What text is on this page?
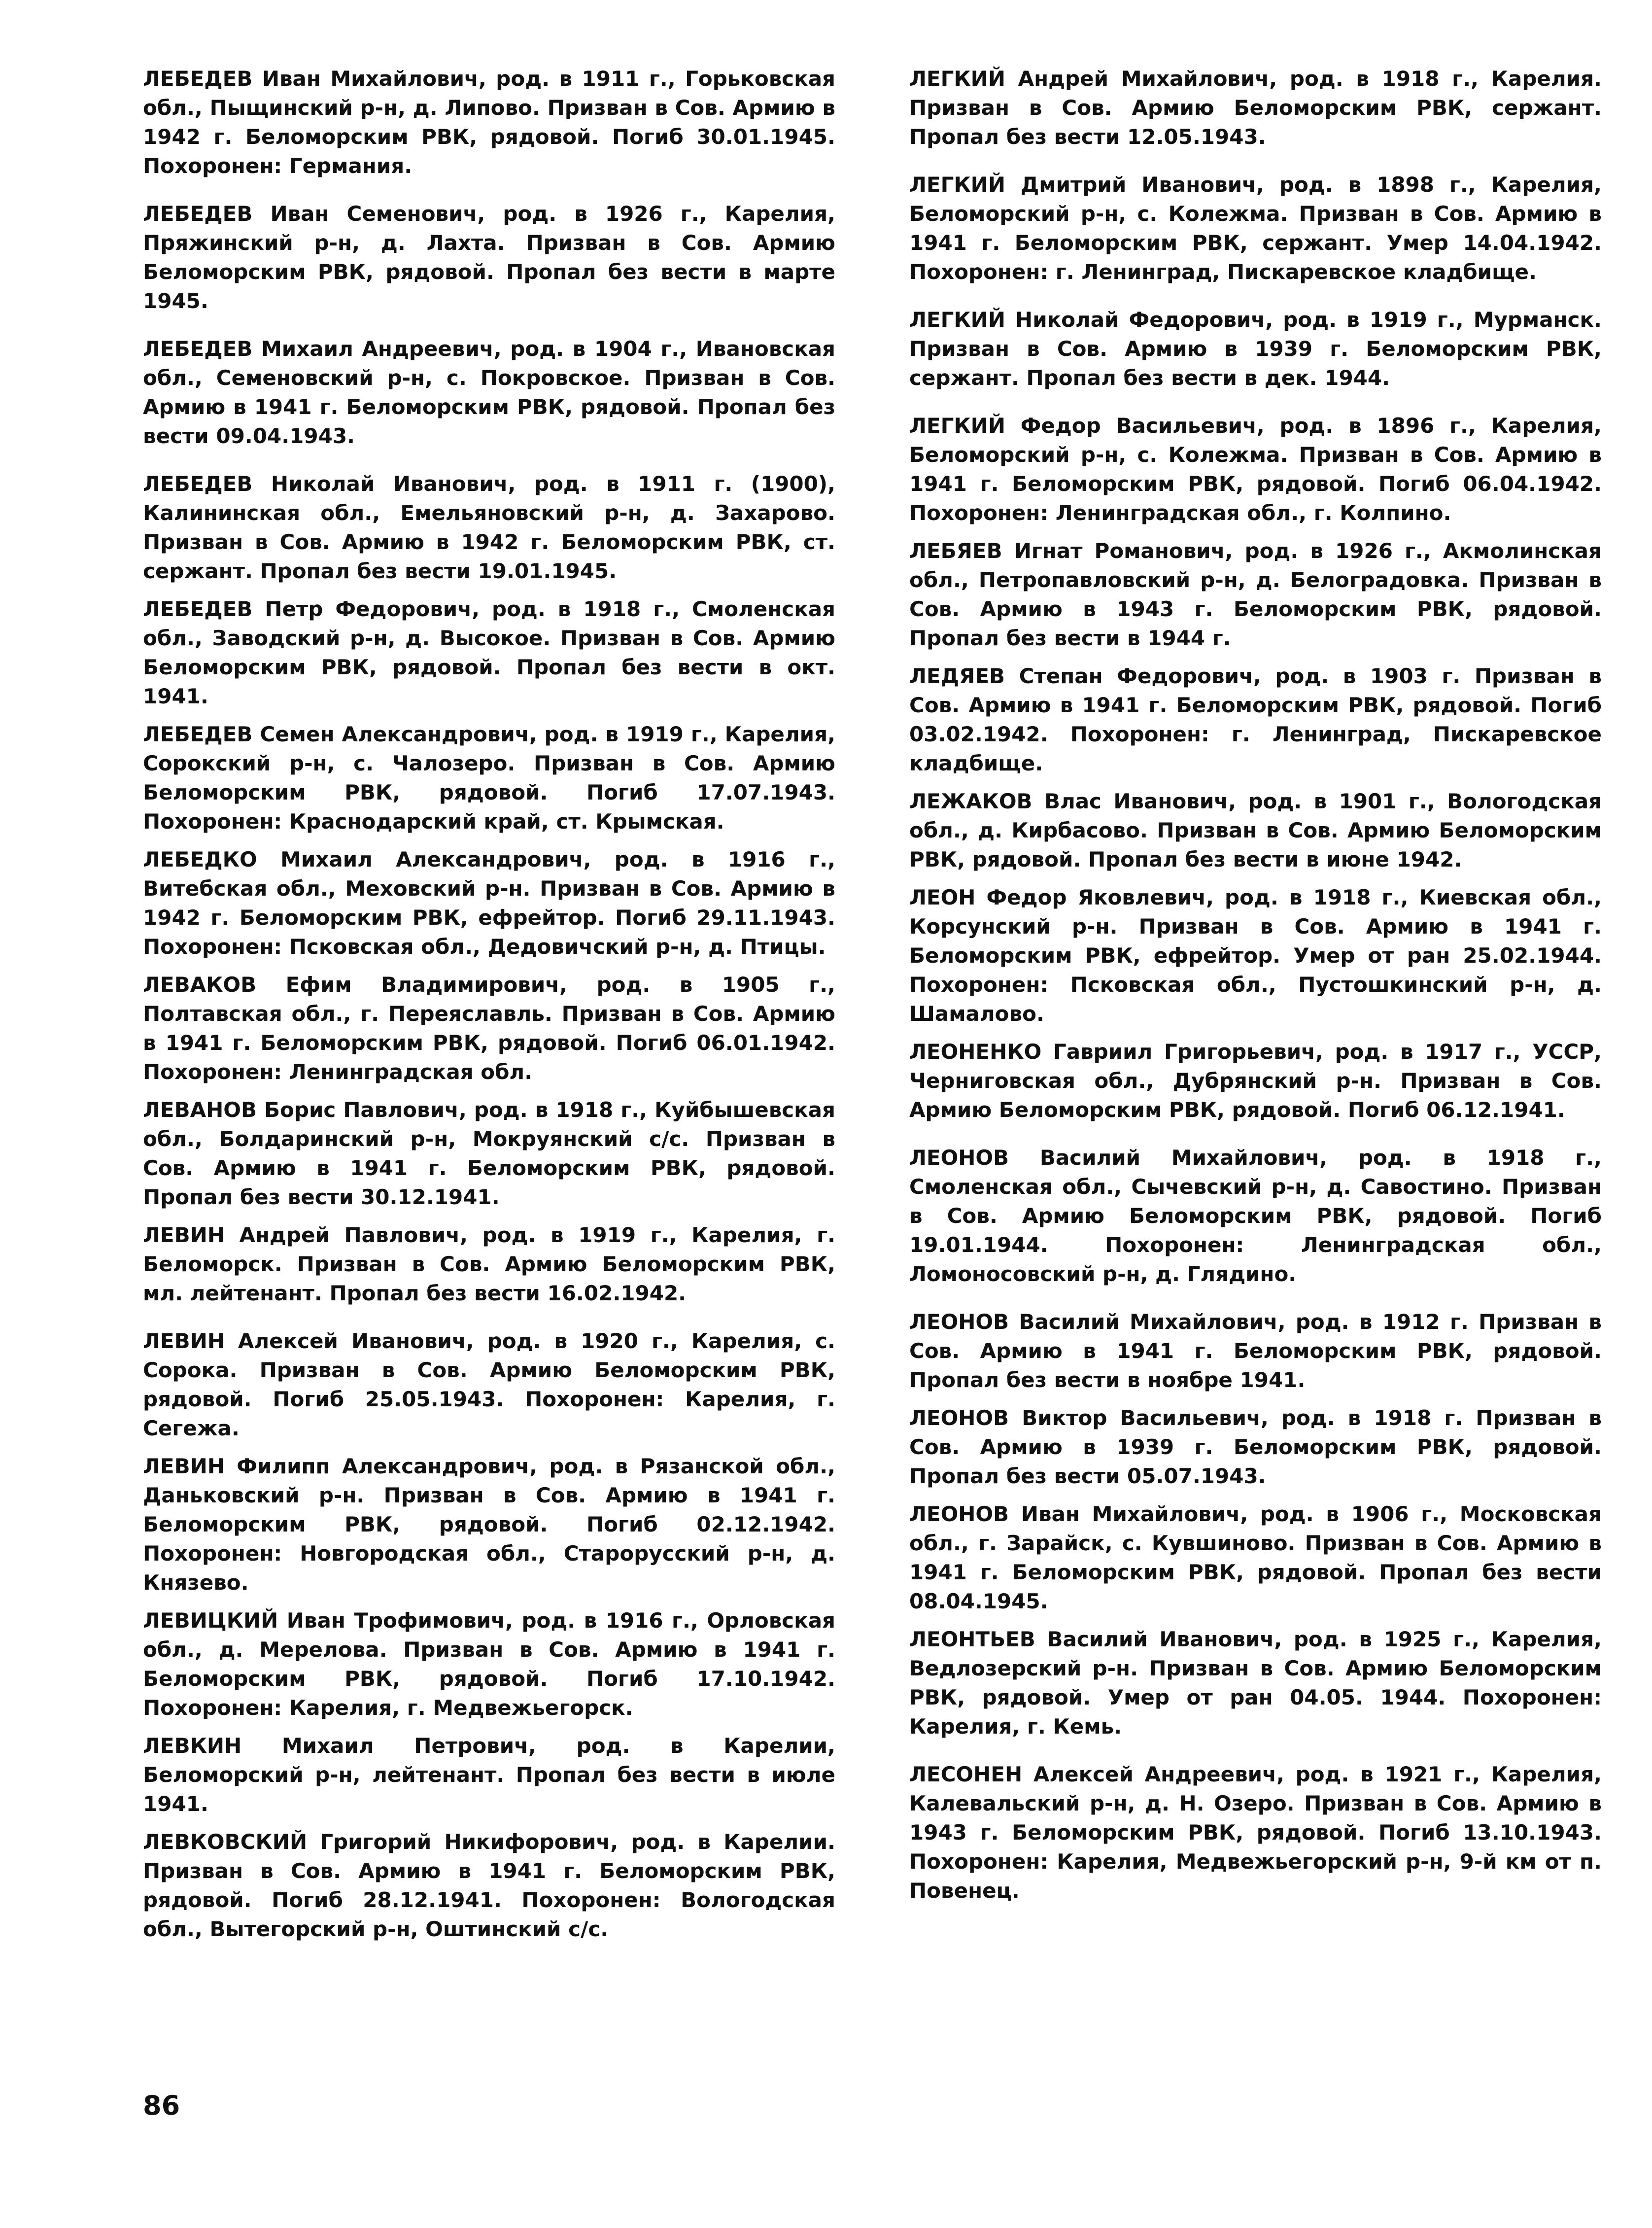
ЛЕБЕДЕВ Иван Михайлович, род. в 1911 г., Горьковская обл., Пыщинский р-н, д. Липово. Призван в Сов. Армию в 1942 г. Беломорским РВК, рядовой. Погиб 30.01.1945. Похоронен: Германия.

ЛЕБЕДЕВ Иван Семенович, род. в 1926 г., Карелия, Пряжинский р-н, д. Лахта. Призван в Сов. Армию Беломорским РВК, рядовой. Пропал без вести в марте 1945.

ЛЕБЕДЕВ Михаил Андреевич, род. в 1904 г., Ивановская обл., Семеновский р-н, с. Покровское. Призван в Сов. Армию в 1941 г. Беломорским РВК, рядовой. Пропал без вести 09.04.1943.

ЛЕБЕДЕВ Николай Иванович, род. в 1911 г. (1900), Калининская обл., Емельяновский р-н, д. Захарово. Призван в Сов. Армию в 1942 г. Беломорским РВК, ст. сержант. Пропал без вести 19.01.1945.

ЛЕБЕДЕВ Петр Федорович, род. в 1918 г., Смоленская обл., Заводский р-н, д. Высокое. Призван в Сов. Армию Беломорским РВК, рядовой. Пропал без вести в окт. 1941.

ЛЕБЕДЕВ Семен Александрович, род. в 1919 г., Карелия, Сорокский р-н, с. Чалозеро. Призван в Сов. Армию Беломорским РВК, рядовой. Погиб 17.07.1943. Похоронен: Краснодарский край, ст. Крымская.

ЛЕБЕДКО Михаил Александрович, род. в 1916 г., Витебская обл., Меховский р-н. Призван в Сов. Армию в 1942 г. Беломорским РВК, ефрейтор. Погиб 29.11.1943. Похоронен: Псковская обл., Дедовичский р-н, д. Птицы.

ЛЕВАКОВ Ефим Владимирович, род. в 1905 г., Полтавская обл., г. Переяславль. Призван в Сов. Армию в 1941 г. Беломорским РВК, рядовой. Погиб 06.01.1942. Похоронен: Ленинградская обл.

ЛЕВАНОВ Борис Павлович, род. в 1918 г., Куйбышевская обл., Болдаринский р-н, Мокруянский с/с. Призван в Сов. Армию в 1941 г. Беломорским РВК, рядовой. Пропал без вести 30.12.1941.

ЛЕВИН Андрей Павлович, род. в 1919 г., Карелия, г. Беломорск. Призван в Сов. Армию Беломорским РВК, мл. лейтенант. Пропал без вести 16.02.1942.

ЛЕВИН Алексей Иванович, род. в 1920 г., Карелия, с. Сорока. Призван в Сов. Армию Беломорским РВК, рядовой. Погиб 25.05.1943. Похоронен: Карелия, г. Сегежа.

ЛЕВИН Филипп Александрович, род. в Рязанской обл., Даньковский р-н. Призван в Сов. Армию в 1941 г. Беломорским РВК, рядовой. Погиб 02.12.1942. Похоронен: Новгородская обл., Старорусский р-н, д. Князево.

ЛЕВИЦКИЙ Иван Трофимович, род. в 1916 г., Орловская обл., д. Мерелова. Призван в Сов. Армию в 1941 г. Беломорским РВК, рядовой. Погиб 17.10.1942. Похоронен: Карелия, г. Медвежьегорск.

ЛЕВКИН Михаил Петрович, род. в Карелии, Беломорский р-н, лейтенант. Пропал без вести в июле 1941.

ЛЕВКОВСКИЙ Григорий Никифорович, род. в Карелии. Призван в Сов. Армию в 1941 г. Беломорским РВК, рядовой. Погиб 28.12.1941. Похоронен: Вологодская обл., Вытегорский р-н, Оштинский с/с.

ЛЕГКИЙ Андрей Михайлович, род. в 1918 г., Карелия. Призван в Сов. Армию Беломорским РВК, сержант. Пропал без вести 12.05.1943.

ЛЕГКИЙ Дмитрий Иванович, род. в 1898 г., Карелия, Беломорский р-н, с. Колежма. Призван в Сов. Армию в 1941 г. Беломорским РВК, сержант. Умер 14.04.1942. Похоронен: г. Ленинград, Пискаревское кладбище.

ЛЕГКИЙ Николай Федорович, род. в 1919 г., Мурманск. Призван в Сов. Армию в 1939 г. Беломорским РВК, сержант. Пропал без вести в дек. 1944.

ЛЕГКИЙ Федор Васильевич, род. в 1896 г., Карелия, Беломорский р-н, с. Колежма. Призван в Сов. Армию в 1941 г. Беломорским РВК, рядовой. Погиб 06.04.1942. Похоронен: Ленинградская обл., г. Колпино.

ЛЕБЯЕВ Игнат Романович, род. в 1926 г., Акмолинская обл., Петропавловский р-н, д. Белоградовка. Призван в Сов. Армию в 1943 г. Беломорским РВК, рядовой. Пропал без вести в 1944 г.

ЛЕДЯЕВ Степан Федорович, род. в 1903 г. Призван в Сов. Армию в 1941 г. Беломорским РВК, рядовой. Погиб 03.02.1942. Похоронен: г. Ленинград, Пискаревское кладбище.

ЛЕЖАКОВ Влас Иванович, род. в 1901 г., Вологодская обл., д. Кирбасово. Призван в Сов. Армию Беломорским РВК, рядовой. Пропал без вести в июне 1942.

ЛЕОН Федор Яковлевич, род. в 1918 г., Киевская обл., Корсунский р-н. Призван в Сов. Армию в 1941 г. Беломорским РВК, ефрейтор. Умер от ран 25.02.1944. Похоронен: Псковская обл., Пустошкинский р-н, д. Шамалово.

ЛЕОНЕНКО Гавриил Григорьевич, род. в 1917 г., УССР, Черниговская обл., Дубрянский р-н. Призван в Сов. Армию Беломорским РВК, рядовой. Погиб 06.12.1941.

ЛЕОНОВ Василий Михайлович, род. в 1918 г., Смоленская обл., Сычевский р-н, д. Савостино. Призван в Сов. Армию Беломорским РВК, рядовой. Погиб 19.01.1944. Похоронен: Ленинградская обл., Ломоносовский р-н, д. Глядино.

ЛЕОНОВ Василий Михайлович, род. в 1912 г. Призван в Сов. Армию в 1941 г. Беломорским РВК, рядовой. Пропал без вести в ноябре 1941.

ЛЕОНОВ Виктор Васильевич, род. в 1918 г. Призван в Сов. Армию в 1939 г. Беломорским РВК, рядовой. Пропал без вести 05.07.1943.

ЛЕОНОВ Иван Михайлович, род. в 1906 г., Московская обл., г. Зарайск, с. Кувшиново. Призван в Сов. Армию в 1941 г. Беломорским РВК, рядовой. Пропал без вести 08.04.1945.

ЛЕОНТЬЕВ Василий Иванович, род. в 1925 г., Карелия, Ведлозерский р-н. Призван в Сов. Армию Беломорским РВК, рядовой. Умер от ран 04.05. 1944. Похоронен: Карелия, г. Кемь.

ЛЕСОНЕН Алексей Андреевич, род. в 1921 г., Карелия, Калевальский р-н, д. Н. Озеро. Призван в Сов. Армию в 1943 г. Беломорским РВК, рядовой. Погиб 13.10.1943. Похоронен: Карелия, Медвежьегорский р-н, 9-й км от п. Повенец.

86
